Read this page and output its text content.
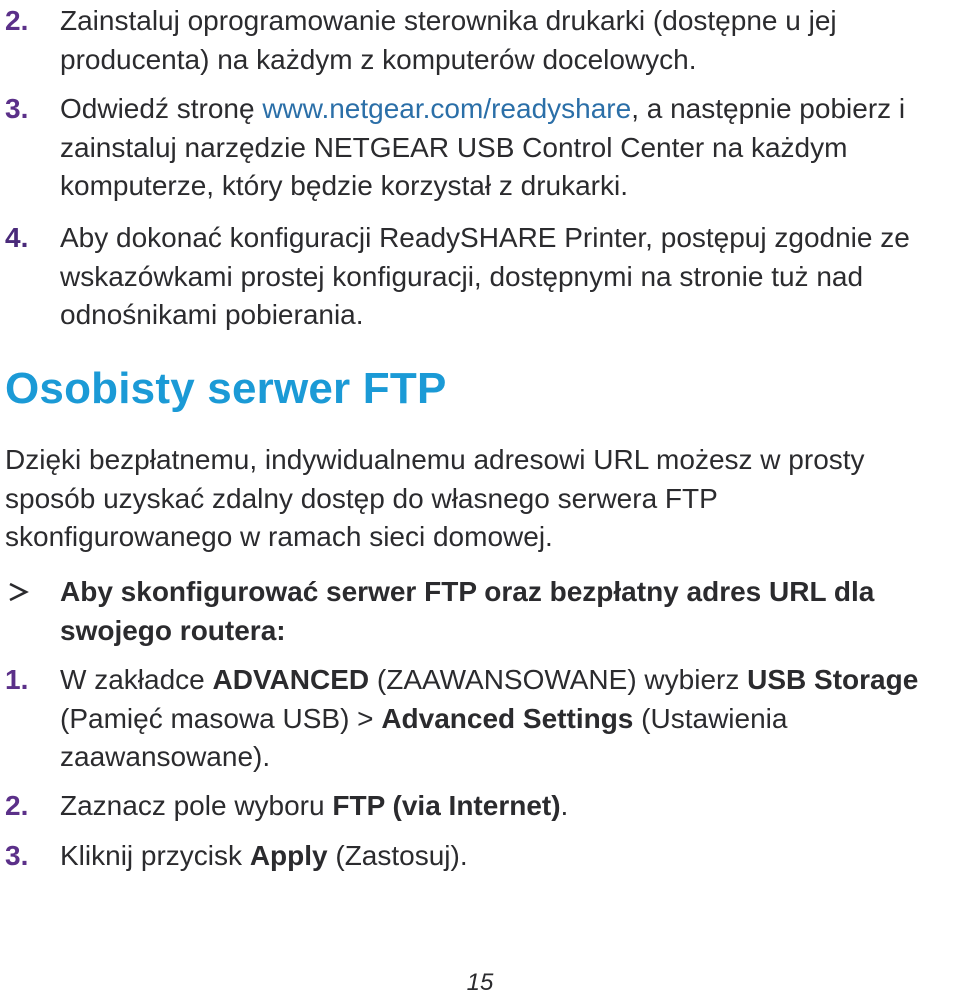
2. Zainstaluj oprogramowanie sterownika drukarki (dostępne u jej producenta) na każdym z komputerów docelowych.
3. Odwiedź stronę www.netgear.com/readyshare, a następnie pobierz i zainstaluj narzędzie NETGEAR USB Control Center na każdym komputerze, który będzie korzystał z drukarki.
4. Aby dokonać konfiguracji ReadySHARE Printer, postępuj zgodnie ze wskazówkami prostej konfiguracji, dostępnymi na stronie tuż nad odnośnikami pobierania.
Osobisty serwer FTP
Dzięki bezpłatnemu, indywidualnemu adresowi URL możesz w prosty sposób uzyskać zdalny dostęp do własnego serwera FTP skonfigurowanego w ramach sieci domowej.
Aby skonfigurować serwer FTP oraz bezpłatny adres URL dla swojego routera:
1. W zakładce ADVANCED (ZAAWANSOWANE) wybierz USB Storage (Pamięć masowa USB) > Advanced Settings (Ustawienia zaawansowane).
2. Zaznacz pole wyboru FTP (via Internet).
3. Kliknij przycisk Apply (Zastosuj).
15
